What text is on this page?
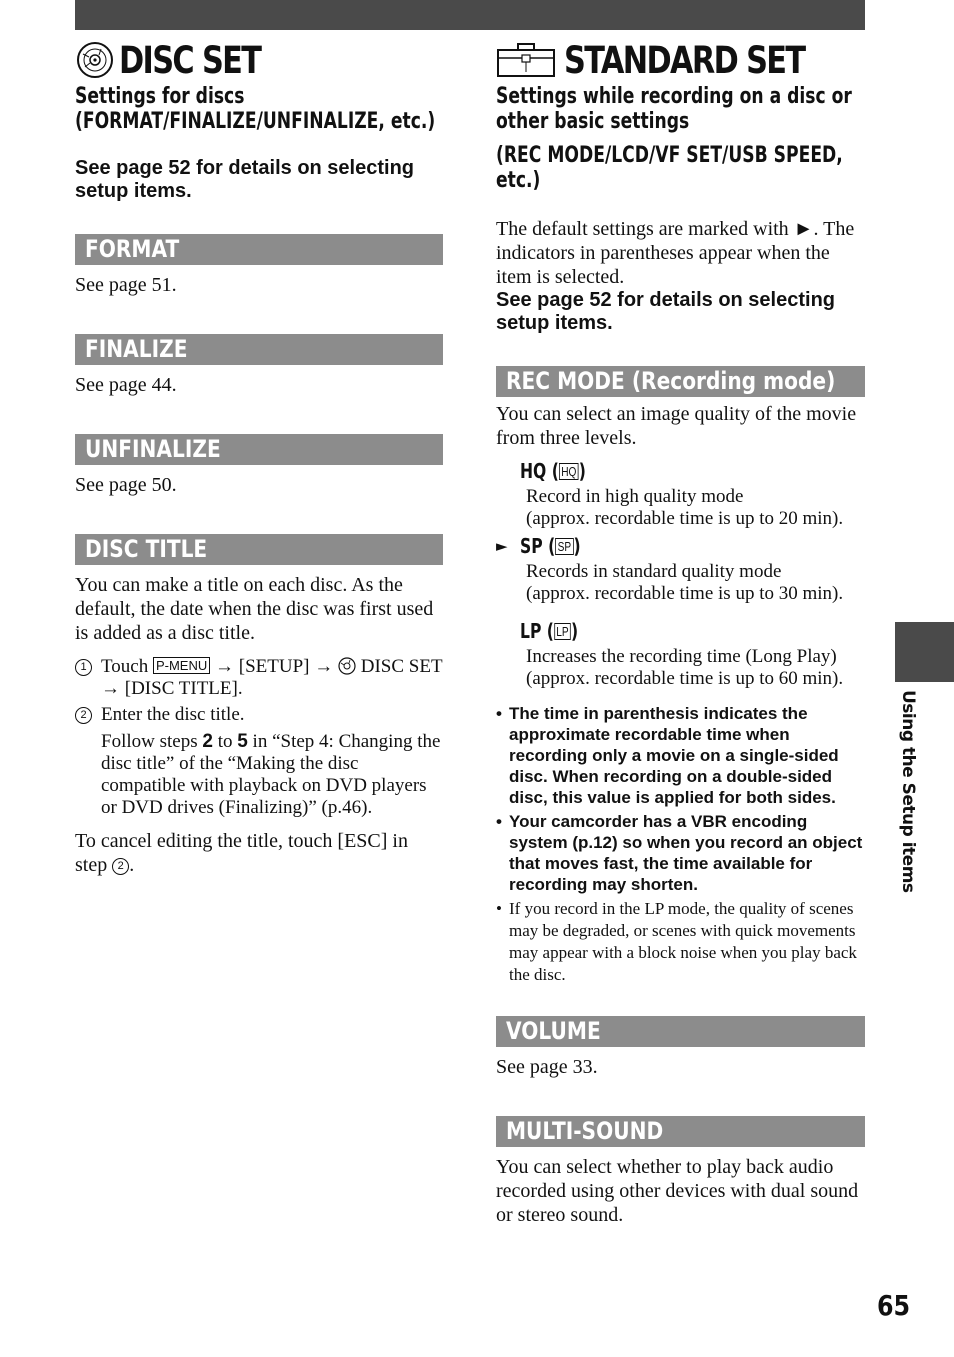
DISC SET
Settings for discs
(FORMAT/FINALIZE/UNFINALIZE, etc.)
See page 52 for details on selecting
setup items.
FORMAT
See page 51.
FINALIZE
See page 44.
UNFINALIZE
See page 50.
DISC TITLE
You can make a title on each disc. As the default, the date when the disc was first used is added as a disc title.
1 Touch P-MENU → [SETUP] → DISC SET → [DISC TITLE].
2 Enter the disc title.
Follow steps 2 to 5 in “Step 4: Changing the disc title” of the “Making the disc compatible with playback on DVD players or DVD drives (Finalizing)” (p.46).
To cancel editing the title, touch [ESC] in step 2 .
STANDARD SET
Settings while recording on a disc or
other basic settings
(REC MODE/LCD/VF SET/USB SPEED,
etc.)
The default settings are marked with ►. The indicators in parentheses appear when the item is selected.
See page 52 for details on selecting
setup items.
REC MODE (Recording mode)
You can select an image quality of the movie from three levels.
HQ ( HQ )
Record in high quality mode
(approx. recordable time is up to 20 min).
► SP ( SP )
Records in standard quality mode
(approx. recordable time is up to 30 min).
LP ( LP )
Increases the recording time (Long Play)
(approx. recordable time is up to 60 min).
• The time in parenthesis indicates the approximate recordable time when recording only a movie on a single-sided disc. When recording on a double-sided disc, this value is applied for both sides.
• Your camcorder has a VBR encoding system (p.12) so when you record an object that moves fast, the time available for recording may shorten.
• If you record in the LP mode, the quality of scenes may be degraded, or scenes with quick movements may appear with a block noise when you play back the disc.
VOLUME
See page 33.
MULTI-SOUND
You can select whether to play back audio recorded using other devices with dual sound or stereo sound.
Using the Setup items
65
